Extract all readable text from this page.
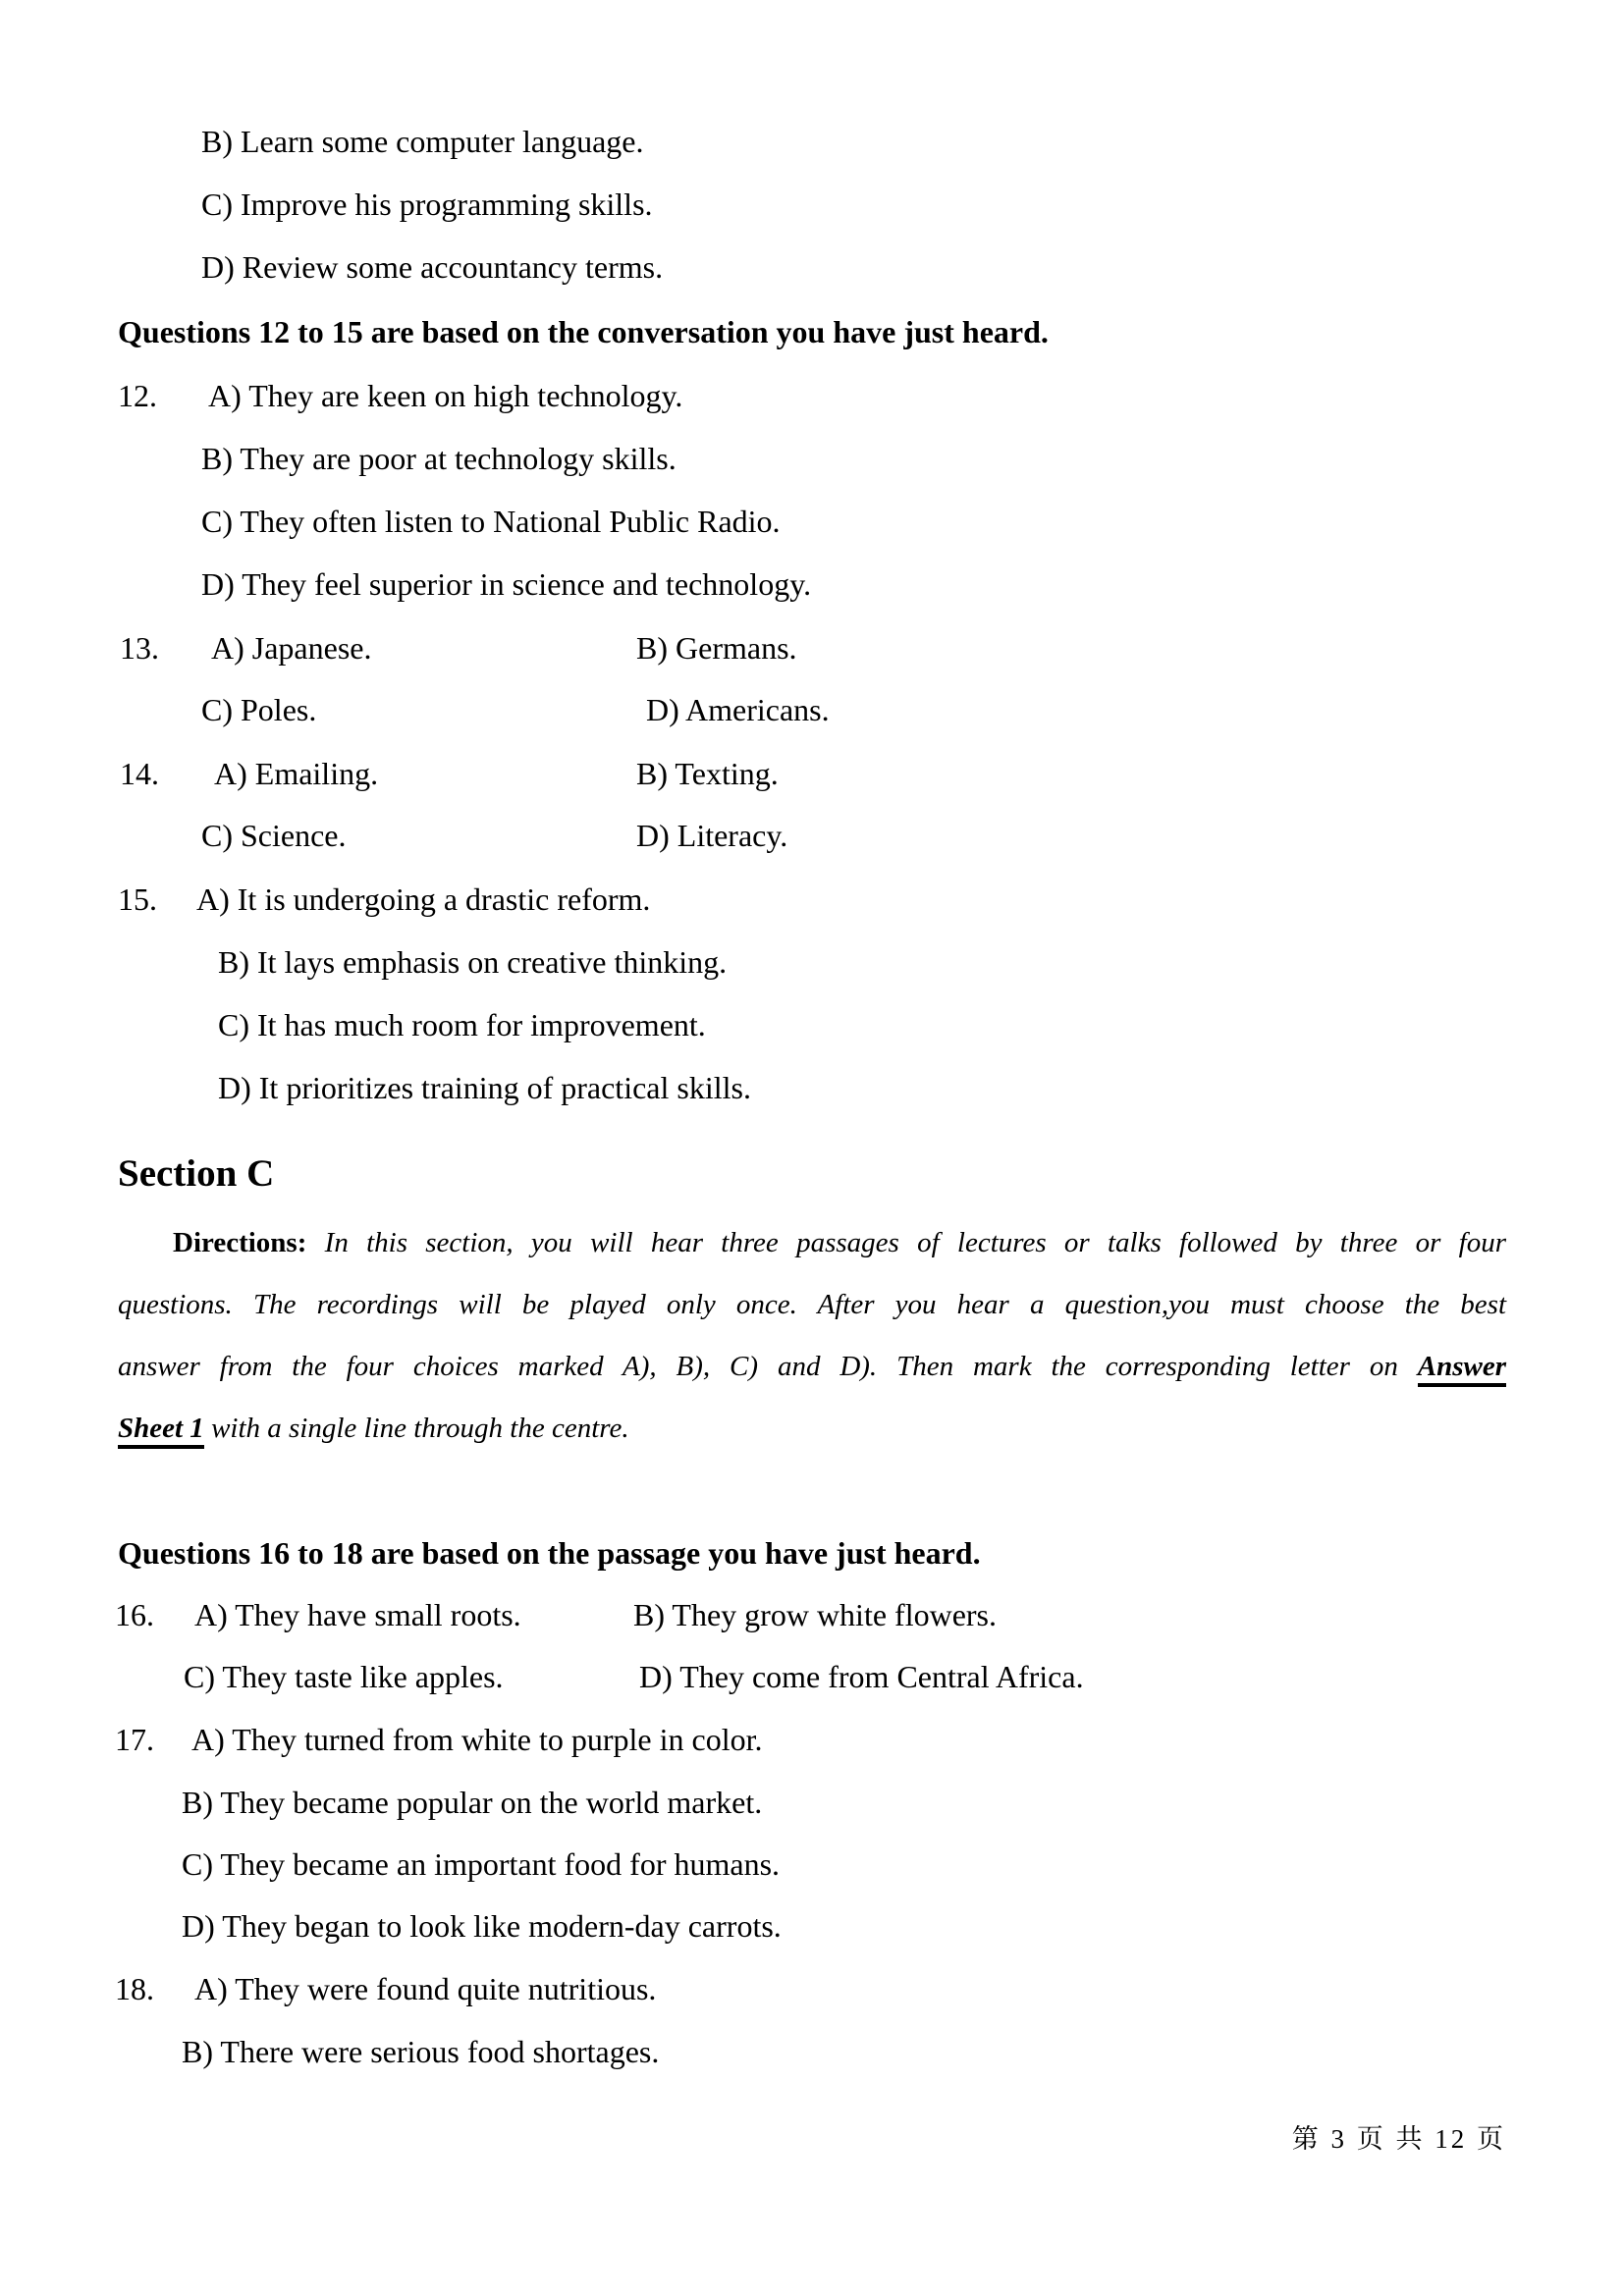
B) Learn some computer language.
C) Improve his programming skills.
D) Review some accountancy terms.
Questions 12 to 15 are based on the conversation you have just heard.
12. A) They are keen on high technology.
B) They are poor at technology skills.
C) They often listen to National Public Radio.
D) They feel superior in science and technology.
13. A) Japanese.	B) Germans.
C) Poles.	D) Americans.
14. A) Emailing.	B) Texting.
C) Science.	D) Literacy.
15. A) It is undergoing a drastic reform.
B) It lays emphasis on creative thinking.
C) It has much room for improvement.
D) It prioritizes training of practical skills.
Section C
Directions: In this section, you will hear three passages of lectures or talks followed by three or four
questions. The recordings will be played only once. After you hear a question,you must choose the best
answer from the four choices marked A), B), C) and D). Then mark the corresponding letter on Answer
Sheet 1 with a single line through the centre.
Questions 16 to 18 are based on the passage you have just heard.
16. A) They have small roots.	B) They grow white flowers.
C) They taste like apples.	D) They come from Central Africa.
17. A) They turned from white to purple in color.
B) They became popular on the world market.
C) They became an important food for humans.
D) They began to look like modern-day carrots.
18. A) They were found quite nutritious.
B) There were serious food shortages.
第 3 页 共 12 页
